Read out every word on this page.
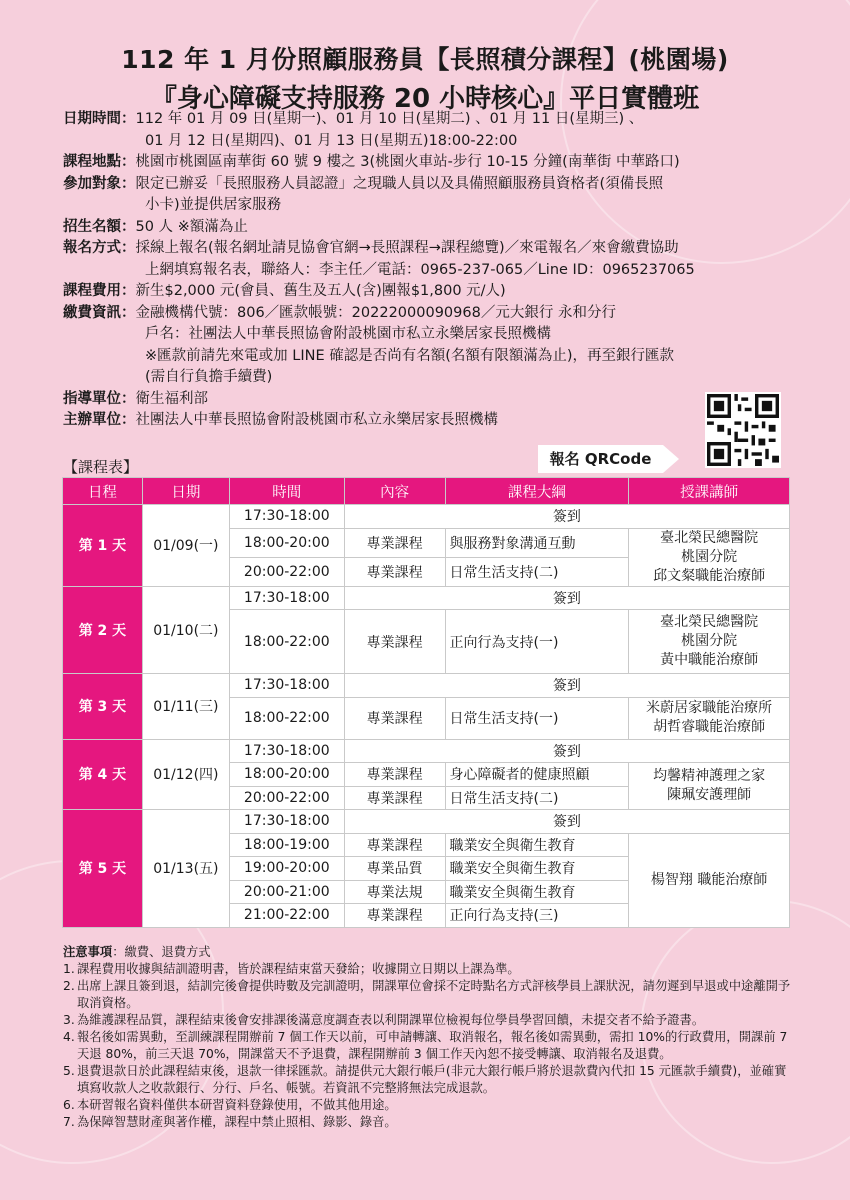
112 年 1 月份照顧服務員【長照積分課程】(桃園場)
『身心障礙支持服務 20 小時核心』平日實體班
日期時間： 112 年 01 月 09 日(星期一)、01 月 10 日(星期二) 、01 月 11 日(星期三) 、
01 月 12 日(星期四)、01 月 13 日(星期五)18:00-22:00
課程地點： 桃園市桃園區南華街 60 號 9 樓之 3(桃園火車站-步行 10-15 分鐘(南華街 中華路口)
參加對象： 限定已辦妥「長照服務人員認證」之現職人員以及具備照顧服務員資格者(須備長照
小卡)並提供居家服務
招生名額： 50 人 ※額滿為止
報名方式： 採線上報名(報名網址請見協會官網→長照課程→課程總覽)／來電報名／來會繳費協助
上網填寫報名表，聯絡人：李主任／電話：0965-237-065／Line ID：0965237065
課程費用： 新生$2,000 元(會員、舊生及五人(含)團報$1,800 元/人)
繳費資訊： 金融機構代號：806／匯款帳號：20222000090968／元大銀行 永和分行
戶名：社團法人中華長照協會附設桃園市私立永樂居家長照機構
※匯款前請先來電或加 LINE 確認是否尚有名額(名額有限額滿為止)，再至銀行匯款
(需自行負擔手續費)
指導單位： 衛生福利部
主辦單位： 社團法人中華長照協會附設桃園市私立永樂居家長照機構
報名 QRCode
【課程表】
日程	日期	時間	內容	課程大綱	授課講師
第 1 天	01/09(一)	17:30-18:00	簽到		
		18:00-20:00	專業課程	與服務對象溝通互動	臺北榮民總醫院
桃園分院
邱文粲職能治療師

		20:00-22:00	專業課程	日常生活支持(二)	
第 2 天	01/10(二)	17:30-18:00	簽到		
		18:00-22:00	專業課程	正向行為支持(一)	臺北榮民總醫院
桃園分院
黃中職能治療師

第 3 天	01/11(三)	17:30-18:00	簽到		
		18:00-22:00	專業課程	日常生活支持(一)	米蔚居家職能治療所
胡哲睿職能治療師

第 4 天	01/12(四)	17:30-18:00	簽到		
		18:00-20:00	專業課程	身心障礙者的健康照顧	均馨精神護理之家
陳珮安護理師

		20:00-22:00	專業課程	日常生活支持(二)	
第 5 天	01/13(五)	17:30-18:00	簽到		
		18:00-19:00	專業課程	職業安全與衛生教育	楊智翔 職能治療師
		19:00-20:00	專業品質	職業安全與衛生教育	
		20:00-21:00	專業法規	職業安全與衛生教育	
		21:00-22:00	專業課程	正向行為支持(三)	
注意事項：繳費、退費方式
1. 課程費用收據與結訓證明書，皆於課程結束當天發給；收據開立日期以上課為準。
2. 出席上課且簽到退，結訓完後會提供時數及完訓證明，開課單位會採不定時點名方式評核學員上課狀況，請勿遲到早退或中途離開予取消資格。
3. 為維護課程品質，課程結束後會安排課後滿意度調查表以利開課單位檢視每位學員學習回饋，未提交者不給予證書。
4. 報名後如需異動，至訓練課程開辦前 7 個工作天以前，可申請轉讓、取消報名，報名後如需異動，需扣 10%的行政費用，開課前 7 天退 80%，前三天退 70%，開課當天不予退費，課程開辦前 3 個工作天內恕不接受轉讓、取消報名及退費。
5. 退費退款日於此課程結束後，退款一律採匯款。請提供元大銀行帳戶(非元大銀行帳戶將於退款費內代扣 15 元匯款手續費)，並確實填寫收款人之收款銀行、分行、戶名、帳號。若資訊不完整將無法完成退款。
6. 本研習報名資料僅供本研習資料登錄使用，不做其他用途。
7. 為保障智慧財產與著作權，課程中禁止照相、錄影、錄音。
